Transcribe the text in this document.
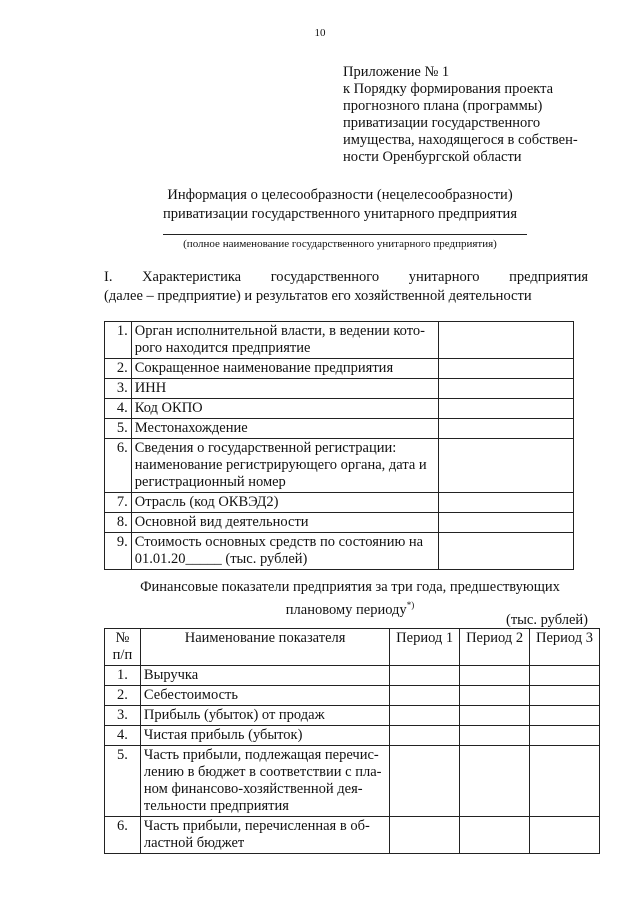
10
Приложение № 1
к Порядку формирования проекта
прогнозного плана (программы)
приватизации государственного
имущества, находящегося в собствен-
ности Оренбургской области
Информация о целесообразности (нецелесообразности)
приватизации государственного унитарного предприятия
(полное наименование государственного унитарного предприятия)
I. Характеристика государственного унитарного предприятия
(далее – предприятие) и результатов его хозяйственной деятельности
1.	Орган исполнительной власти, в ведении кото-
рого находится предприятие	

2.	Сокращенное наименование предприятия	

3.	ИНН	

4.	Код ОКПО	

5.	Местонахождение	

6.	Сведения о государственной регистрации:
наименование регистрирующего органа, дата и
регистрационный номер	

7.	Отрасль (код ОКВЭД2)	

8.	Основной вид деятельности	

9.	Стоимость основных средств по состоянию на
01.01.20_____ (тыс. рублей)	

Финансовые показатели предприятия за три года, предшествующих
плановому периоду*)
(тыс. рублей)
№
п/п	Наименование показателя	Период 1	Период 2	Период 3
1.	Выручка			

2.	Себестоимость			

3.	Прибыль (убыток) от продаж			

4.	Чистая прибыль (убыток)			

5.	Часть прибыли, подлежащая перечис-
лению в бюджет в соответствии с пла-
ном финансово-хозяйственной дея-
тельности предприятия			

6.	Часть прибыли, перечисленная в об-
ластной бюджет			
